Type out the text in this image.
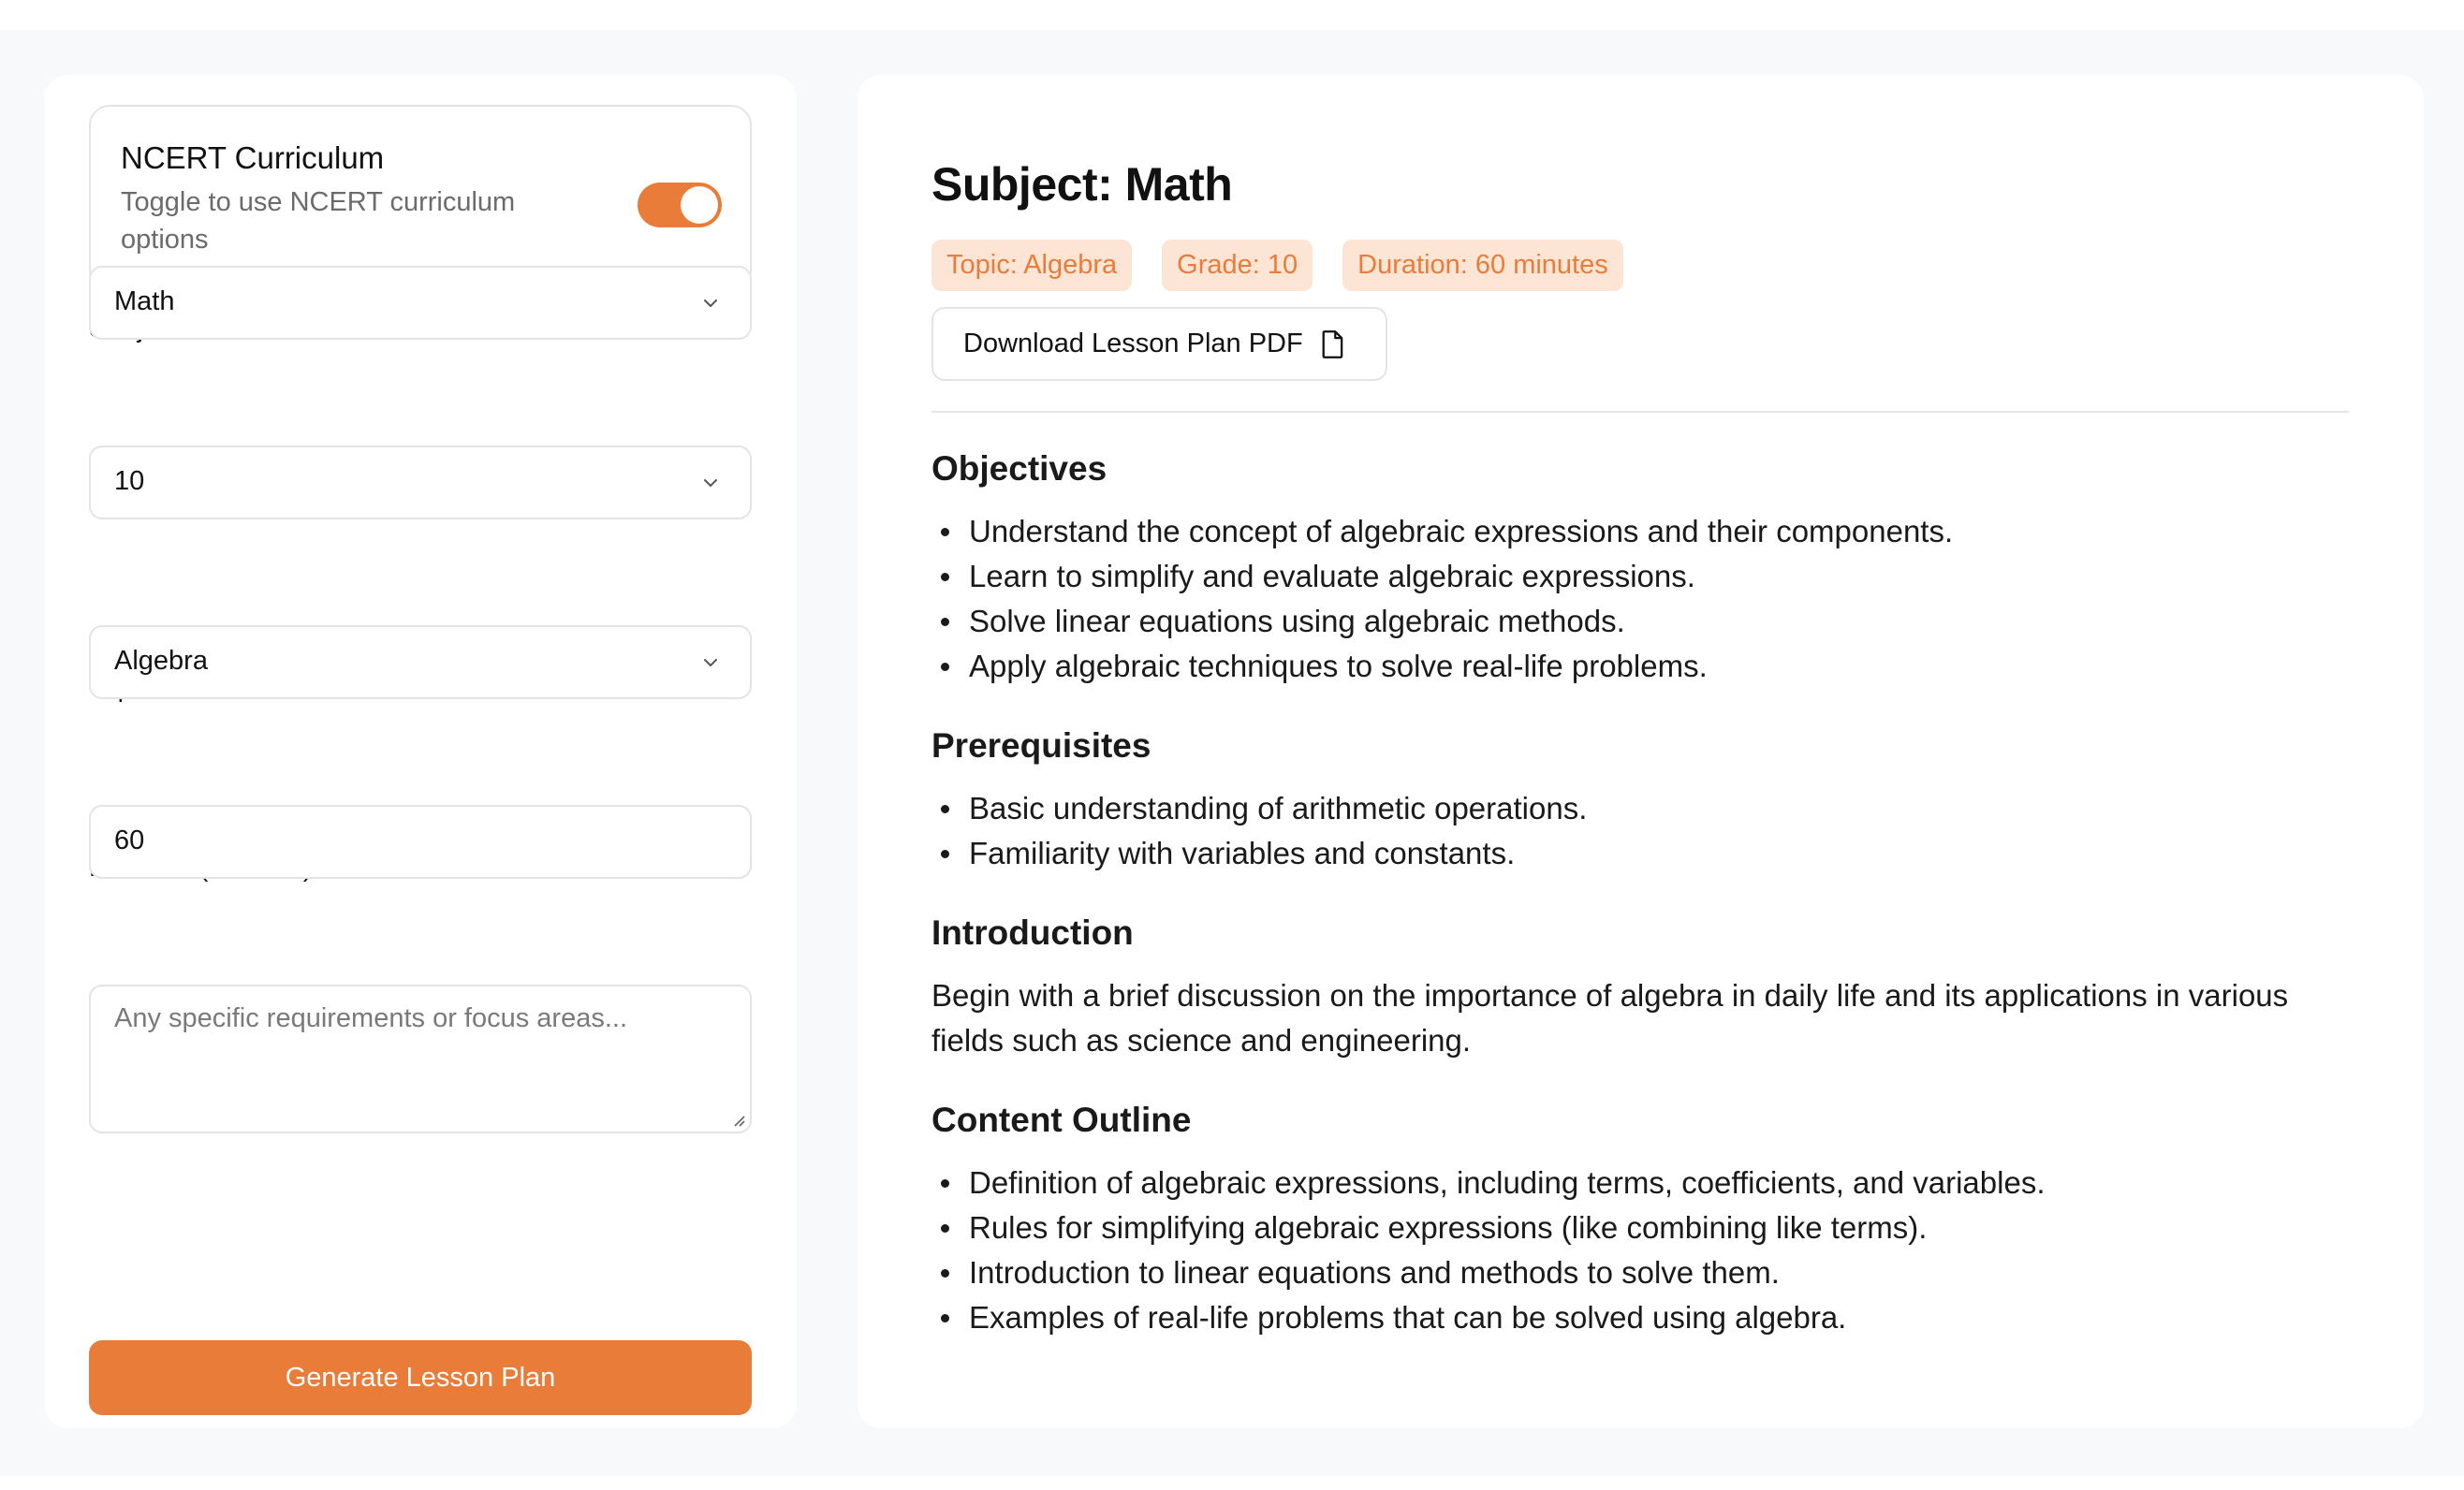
NCERT Curriculum
Toggle to use NCERT curriculum options
Math
10
Algebra
60
Any specific requirements or focus areas...
Generate Lesson Plan
Subject: Math
Topic: Algebra	Grade: 10	Duration: 60 minutes
Download Lesson Plan PDF
Objectives
Understand the concept of algebraic expressions and their components.
Learn to simplify and evaluate algebraic expressions.
Solve linear equations using algebraic methods.
Apply algebraic techniques to solve real-life problems.
Prerequisites
Basic understanding of arithmetic operations.
Familiarity with variables and constants.
Introduction

Begin with a brief discussion on the importance of algebra in daily life and its applications in various fields such as science and engineering.

Content Outline
Definition of algebraic expressions, including terms, coefficients, and variables.
Rules for simplifying algebraic expressions (like combining like terms).
Introduction to linear equations and methods to solve them.
Examples of real-life problems that can be solved using algebra.
